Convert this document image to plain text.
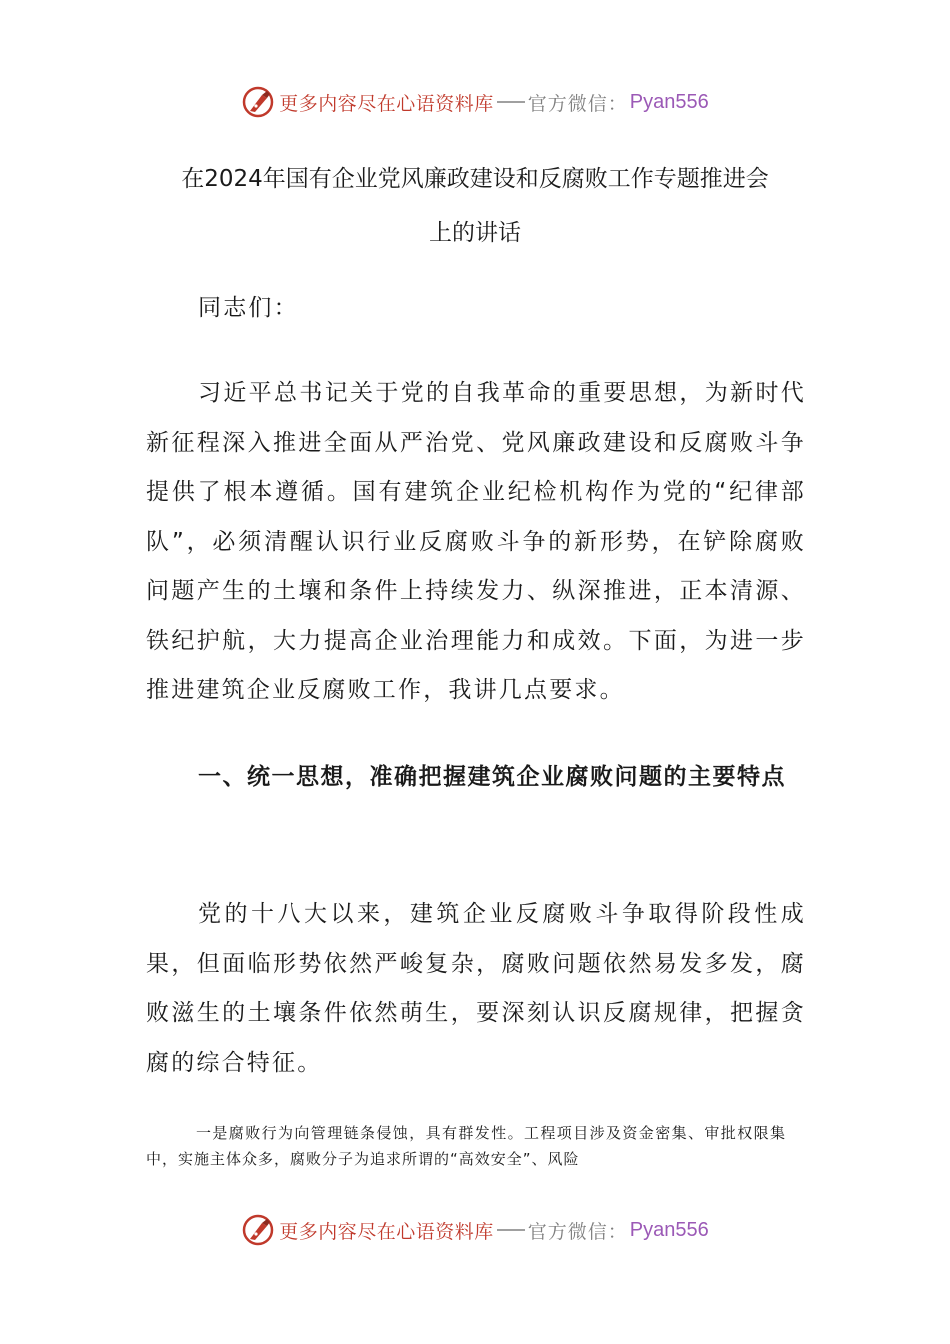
更多内容尽在心语资料库 官方微信： Pyan556
在2024年国有企业党风廉政建设和反腐败工作专题推进会
上的讲话

同志们：

习近平总书记关于党的自我革命的重要思想，为新时代新征程深入推进全面从严治党、党风廉政建设和反腐败斗争提供了根本遵循。国有建筑企业纪检机构作为党的“纪律部队”，必须清醒认识行业反腐败斗争的新形势，在铲除腐败问题产生的土壤和条件上持续发力、纵深推进，正本清源、铁纪护航，大力提高企业治理能力和成效。下面，为进一步推进建筑企业反腐败工作，我讲几点要求。

一、统一思想，准确把握建筑企业腐败问题的主要特点

党的十八大以来，建筑企业反腐败斗争取得阶段性成果，但面临形势依然严峻复杂，腐败问题依然易发多发，腐败滋生的土壤条件依然萌生，要深刻认识反腐规律，把握贪腐的综合特征。

一是腐败行为向管理链条侵蚀，具有群发性。工程项目涉及资金密集、审批权限集中，实施主体众多，腐败分子为追求所谓的“高效安全”、风险

更多内容尽在心语资料库 官方微信： Pyan556
